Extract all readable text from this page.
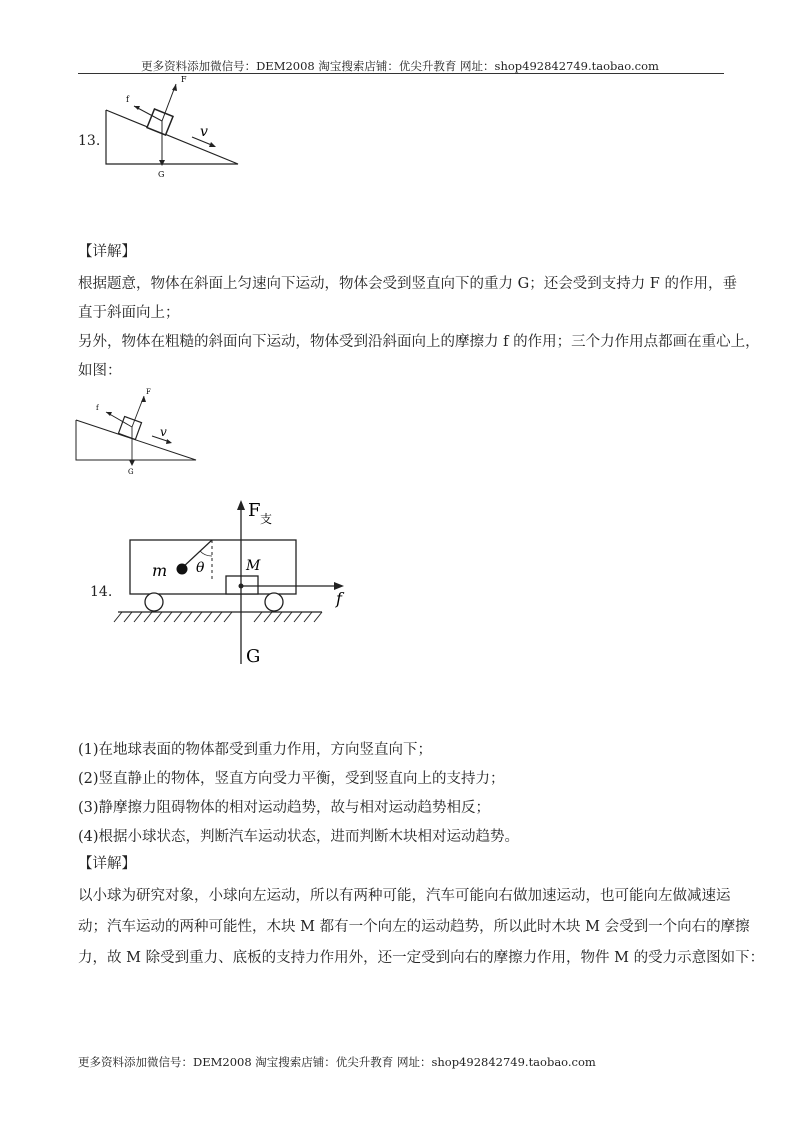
更多资料添加微信号：DEM2008 淘宝搜索店铺：优尖升教育 网址：shop492842749.taobao.com
13.
F
f
v
G
【详解】
根据题意，物体在斜面上匀速向下运动，物体会受到竖直向下的重力 G；还会受到支持力 F 的作用，垂
直于斜面向上；
另外，物体在粗糙的斜面向下运动，物体受到沿斜面向上的摩擦力 f 的作用；三个力作用点都画在重心上，
如图：
F
f
v
G
14.
F 支
m θ	M
f
G
(1)在地球表面的物体都受到重力作用，方向竖直向下；
(2)竖直静止的物体，竖直方向受力平衡，受到竖直向上的支持力；
(3)静摩擦力阻碍物体的相对运动趋势，故与相对运动趋势相反；
(4)根据小球状态，判断汽车运动状态，进而判断木块相对运动趋势。
【详解】
以小球为研究对象，小球向左运动，所以有两种可能，汽车可能向右做加速运动，也可能向左做减速运
动；汽车运动的两种可能性，木块 M 都有一个向左的运动趋势，所以此时木块 M 会受到一个向右的摩擦
力，故 M 除受到重力、底板的支持力作用外，还一定受到向右的摩擦力作用，物件 M 的受力示意图如下：
更多资料添加微信号：DEM2008 淘宝搜索店铺：优尖升教育 网址：shop492842749.taobao.com
